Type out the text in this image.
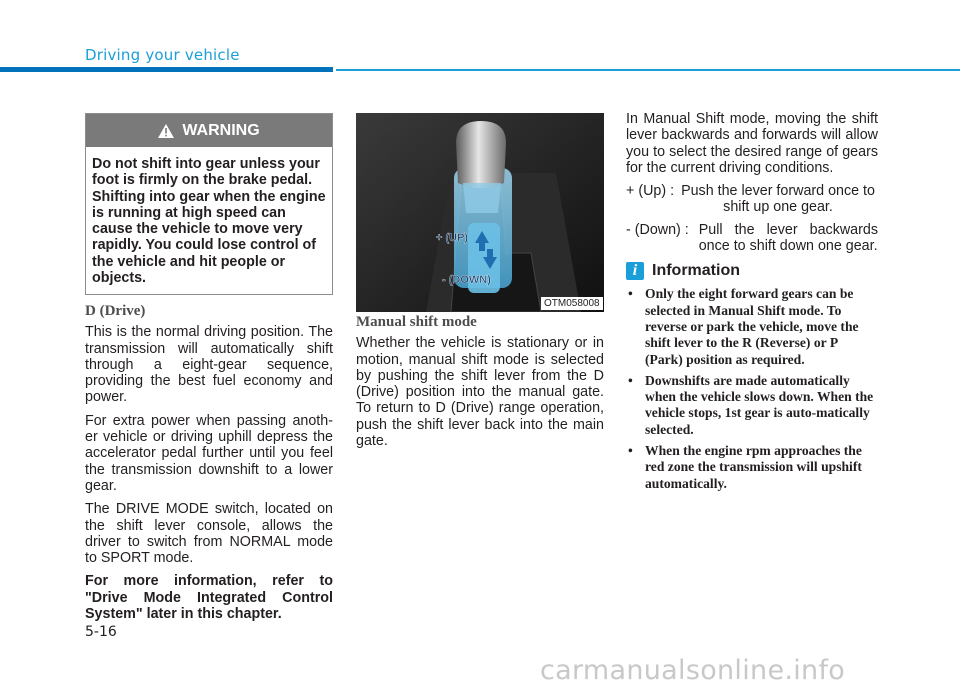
Driving your vehicle
WARNING
Do not shift into gear unless your foot is firmly on the brake pedal. Shifting into gear when the engine is running at high speed can cause the vehicle to move very rapidly. You could lose control of the vehicle and hit people or objects.
D (Drive)

This is the normal driving position. The transmission will automatically shift through a eight-gear sequence, providing the best fuel economy and power.

For extra power when passing anoth-er vehicle or driving uphill depress the accelerator pedal further until you feel the transmission downshift to a lower gear.

The DRIVE MODE switch, located on the shift lever console, allows the driver to switch from NORMAL mode to SPORT mode.

For more information, refer to "Drive Mode Integrated Control System" later in this chapter.

+ (UP)
- (DOWN)
OTM058008
Manual shift mode

Whether the vehicle is stationary or in motion, manual shift mode is selected by pushing the shift lever from the D (Drive) position into the manual gate. To return to D (Drive) range operation, push the shift lever back into the main gate.

In Manual Shift mode, moving the shift lever backwards and forwards will allow you to select the desired range of gears for the current driving conditions.

+ (Up) : Push the lever forward once to shift up one gear.
- (Down) : Pull the lever backwards once to shift down one gear.
i Information
• Only the eight forward gears can be selected in Manual Shift mode. To reverse or park the vehicle, move the shift lever to the R (Reverse) or P (Park) position as required.
• Downshifts are made automatically when the vehicle slows down. When the vehicle stops, 1st gear is auto-matically selected.
• When the engine rpm approaches the red zone the transmission will upshift automatically.
5-16
carmanualsonline.info
